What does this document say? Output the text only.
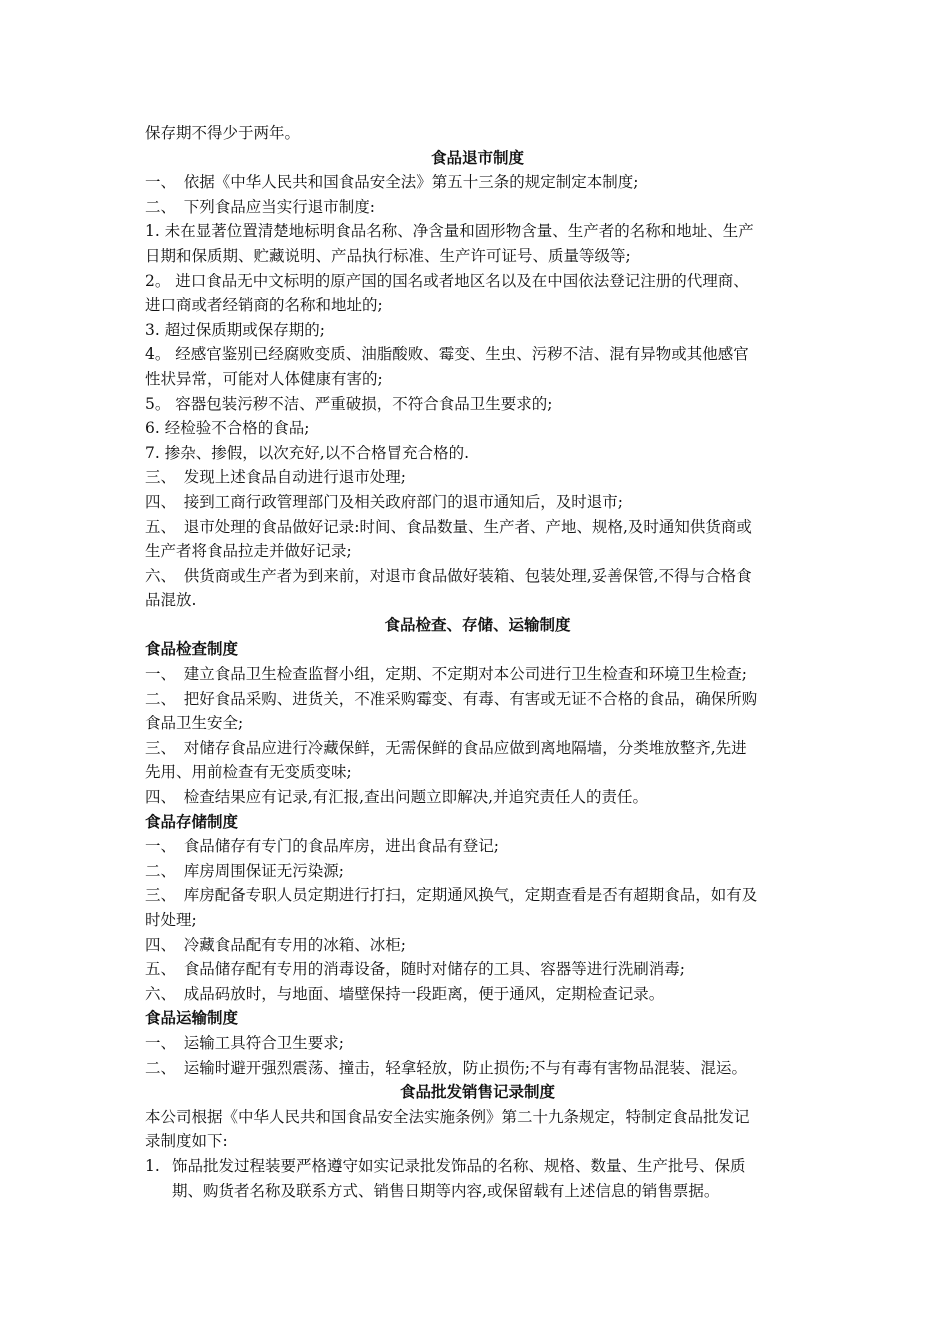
保存期不得少于两年。
食品退市制度
一、　依据《中华人民共和国食品安全法》第五十三条的规定制定本制度;
二、　下列食品应当实行退市制度:
1. 未在显著位置清楚地标明食品名称、净含量和固形物含量、生产者的名称和地址、生产
日期和保质期、贮藏说明、产品执行标准、生产许可证号、质量等级等;
2。 进口食品无中文标明的原产国的国名或者地区名以及在中国依法登记注册的代理商、
进口商或者经销商的名称和地址的;
3. 超过保质期或保存期的;
4。 经感官鉴别已经腐败变质、油脂酸败、霉变、生虫、污秽不洁、混有异物或其他感官
性状异常，可能对人体健康有害的;
5。 容器包装污秽不洁、严重破损，不符合食品卫生要求的;
6. 经检验不合格的食品;
7. 掺杂、掺假，以次充好,以不合格冒充合格的.
三、　发现上述食品自动进行退市处理;
四、　接到工商行政管理部门及相关政府部门的退市通知后，及时退市;
五、　退市处理的食品做好记录:时间、食品数量、生产者、产地、规格,及时通知供货商或
生产者将食品拉走并做好记录;
六、　供货商或生产者为到来前，对退市食品做好装箱、包装处理,妥善保管,不得与合格食
品混放.
食品检查、存储、运输制度
食品检查制度
一、　建立食品卫生检查监督小组，定期、不定期对本公司进行卫生检查和环境卫生检查;
二、　把好食品采购、进货关，不准采购霉变、有毒、有害或无证不合格的食品，确保所购
食品卫生安全;
三、　对储存食品应进行冷藏保鲜，无需保鲜的食品应做到离地隔墙，分类堆放整齐,先进
先用、用前检查有无变质变味;
四、　检查结果应有记录,有汇报,查出问题立即解决,并追究责任人的责任。
食品存储制度
一、　食品储存有专门的食品库房，进出食品有登记;
二、　库房周围保证无污染源;
三、　库房配备专职人员定期进行打扫，定期通风换气，定期查看是否有超期食品，如有及
时处理;
四、　冷藏食品配有专用的冰箱、冰柜;
五、　食品储存配有专用的消毒设备，随时对储存的工具、容器等进行洗刷消毒;
六、　成品码放时，与地面、墙壁保持一段距离，便于通风，定期检查记录。
食品运输制度
一、　运输工具符合卫生要求;
二、　运输时避开强烈震荡、撞击，轻拿轻放，防止损伤;不与有毒有害物品混装、混运。
食品批发销售记录制度
本公司根据《中华人民共和国食品安全法实施条例》第二十九条规定，特制定食品批发记
录制度如下:
1. 饰品批发过程装要严格遵守如实记录批发饰品的名称、规格、数量、生产批号、保质
期、购货者名称及联系方式、销售日期等内容,或保留载有上述信息的销售票据。
